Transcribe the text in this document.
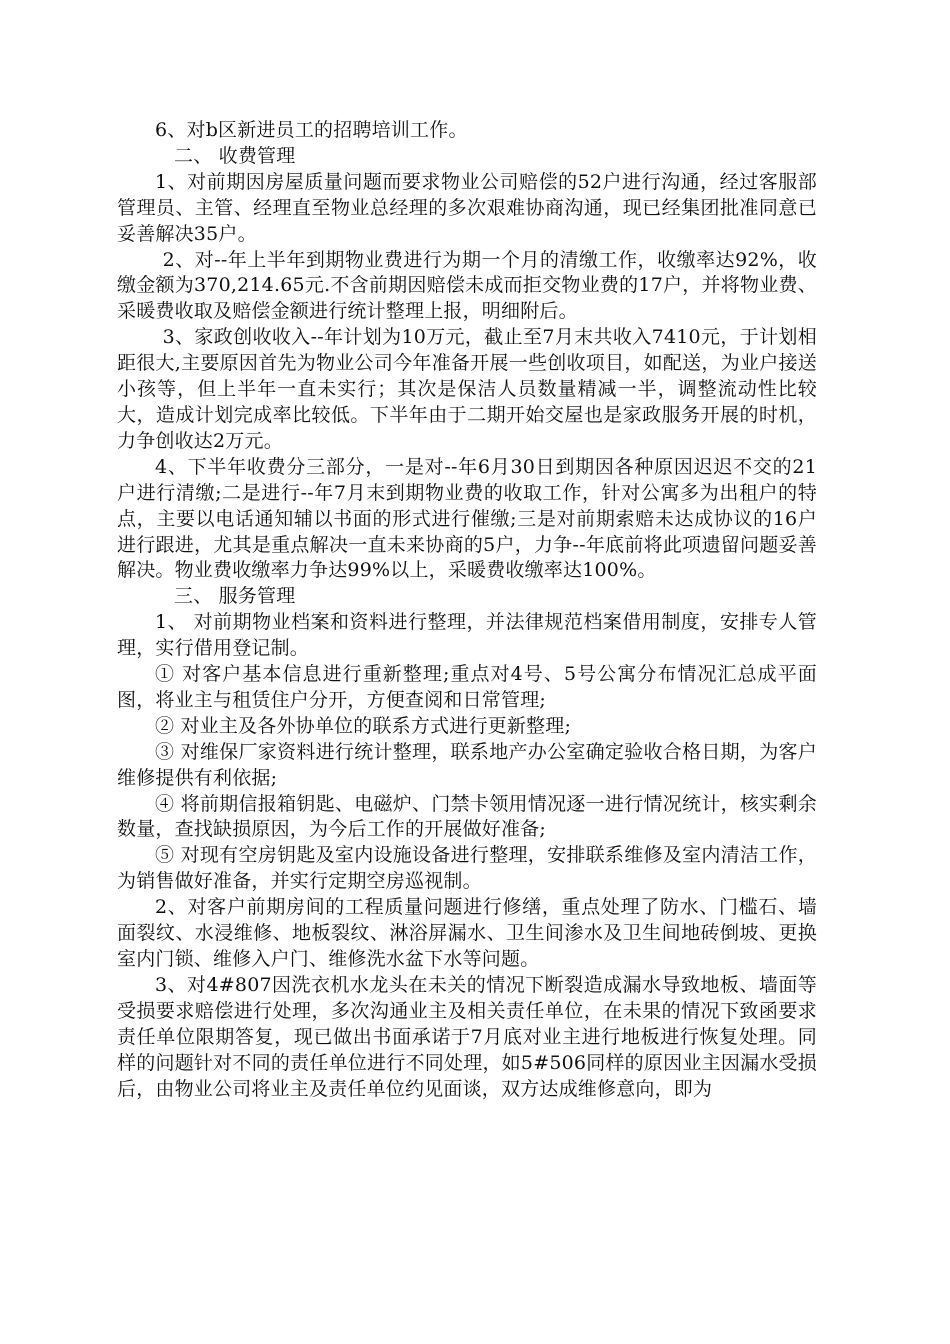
6、对b区新进员工的招聘培训工作。

二、 收费管理

1、对前期因房屋质量问题而要求物业公司赔偿的52户进行沟通，经过客服部管理员、主管、经理直至物业总经理的多次艰难协商沟通，现已经集团批准同意已妥善解决35户。

2、对--年上半年到期物业费进行为期一个月的清缴工作，收缴率达92%，收缴金额为370,214.65元.不含前期因赔偿未成而拒交物业费的17户，并将物业费、采暖费收取及赔偿金额进行统计整理上报，明细附后。

3、家政创收收入--年计划为10万元，截止至7月末共收入7410元，于计划相距很大,主要原因首先为物业公司今年准备开展一些创收项目，如配送，为业户接送小孩等，但上半年一直未实行；其次是保洁人员数量精减一半，调整流动性比较大，造成计划完成率比较低。下半年由于二期开始交屋也是家政服务开展的时机，力争创收达2万元。

4、下半年收费分三部分，一是对--年6月30日到期因各种原因迟迟不交的21户进行清缴;二是进行--年7月末到期物业费的收取工作，针对公寓多为出租户的特点，主要以电话通知辅以书面的形式进行催缴;三是对前期索赔未达成协议的16户进行跟进，尤其是重点解决一直未来协商的5户，力争--年底前将此项遗留问题妥善解决。物业费收缴率力争达99%以上，采暖费收缴率达100%。

三、 服务管理

1、 对前期物业档案和资料进行整理，并法律规范档案借用制度，安排专人管理，实行借用登记制。

① 对客户基本信息进行重新整理;重点对4号、5号公寓分布情况汇总成平面图，将业主与租赁住户分开，方便查阅和日常管理;

② 对业主及各外协单位的联系方式进行更新整理;

③ 对维保厂家资料进行统计整理，联系地产办公室确定验收合格日期，为客户维修提供有利依据;

④ 将前期信报箱钥匙、电磁炉、门禁卡领用情况逐一进行情况统计，核实剩余数量，查找缺损原因，为今后工作的开展做好准备;

⑤ 对现有空房钥匙及室内设施设备进行整理，安排联系维修及室内清洁工作，为销售做好准备，并实行定期空房巡视制。

2、对客户前期房间的工程质量问题进行修缮，重点处理了防水、门槛石、墙面裂纹、水浸维修、地板裂纹、淋浴屏漏水、卫生间渗水及卫生间地砖倒坡、更换室内门锁、维修入户门、维修洗水盆下水等问题。

3、对4#807因洗衣机水龙头在未关的情况下断裂造成漏水导致地板、墙面等受损要求赔偿进行处理，多次沟通业主及相关责任单位，在未果的情况下致函要求责任单位限期答复，现已做出书面承诺于7月底对业主进行地板进行恢复处理。同样的问题针对不同的责任单位进行不同处理，如5#506同样的原因业主因漏水受损后，由物业公司将业主及责任单位约见面谈，双方达成维修意向，即为
